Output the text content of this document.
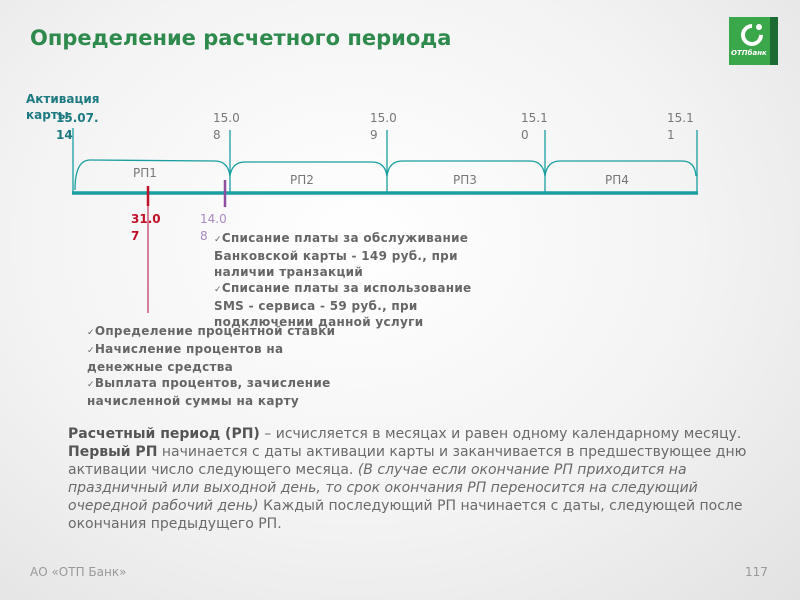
Определение расчетного периода
ОТПбанк
Активация карты
15.07.
14
15.0
8
15.0
9
15.1
0
15.1
1
РП1	РП2	РП3	РП4
31.0
7
14.0
8 ✓Списание платы за обслуживание
Банковской карты - 149 руб., при
наличии транзакций
✓Списание платы за использование
SMS - сервиса - 59 руб., при
подключении данной услуги
✓Определение процентной ставки
✓Начисление процентов на
денежные средства
✓Выплата процентов, зачисление
начисленной суммы на карту
Расчетный период (РП) – исчисляется в месяцах и равен одному календарному месяцу. Первый РП начинается с даты активации карты и заканчивается в предшествующее дню активации число следующего месяца. (В случае если окончание РП приходится на праздничный или выходной день, то срок окончания РП переносится на следующий очередной рабочий день) Каждый последующий РП начинается с даты, следующей после окончания предыдущего РП.
АО «ОТП Банк»	117
